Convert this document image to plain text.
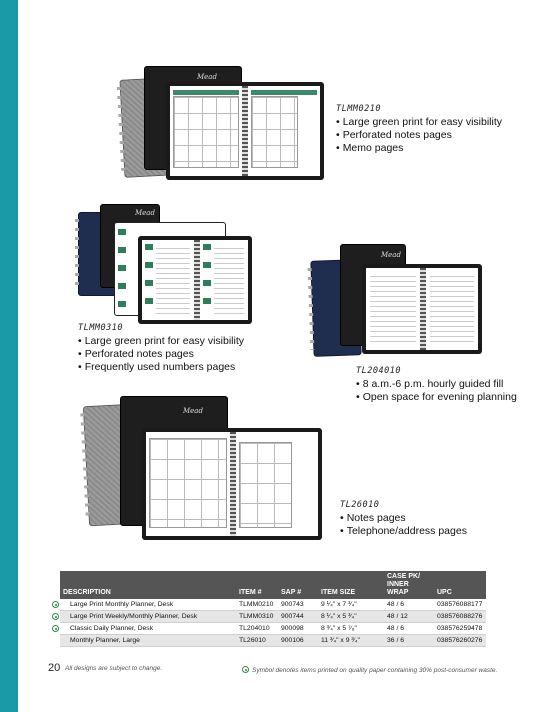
Mead
TLMM0210
• Large green print for easy visibility
• Perforated notes pages
• Memo pages
Mead
TLMM0310
• Large green print for easy visibility
• Perforated notes pages
• Frequently used numbers pages
Mead
TL204010
• 8 a.m.-6 p.m. hourly guided fill
• Open space for evening planning
Mead
TL26010
• Notes pages
• Telephone/address pages
DESCRIPTION	ITEM #	SAP #	ITEM SIZE	CASE PK/ INNER WRAP	UPC

Large Print Monthly Planner, Desk	TLMM0210	900743	9 ¹⁄₄" x 7 ³⁄₄"	48 / 6	038576088177

Large Print Weekly/Monthly Planner, Desk	TLMM0310	900744	8 ¹⁄₄" x 5 ³⁄₄"	48 / 12	038576088276

Classic Daily Planner, Desk	TL204010	900098	8 ³⁄₄" x 5 ⁷⁄₈"	48 / 6	038576259478
Monthly Planner, Large	TL26010	900106	11 ³⁄₄" x 9 ³⁄₄"	36 / 6	038576260276
20 All designs are subject to change.	Symbol denotes items printed on quality paper containing 30% post-consumer waste.
